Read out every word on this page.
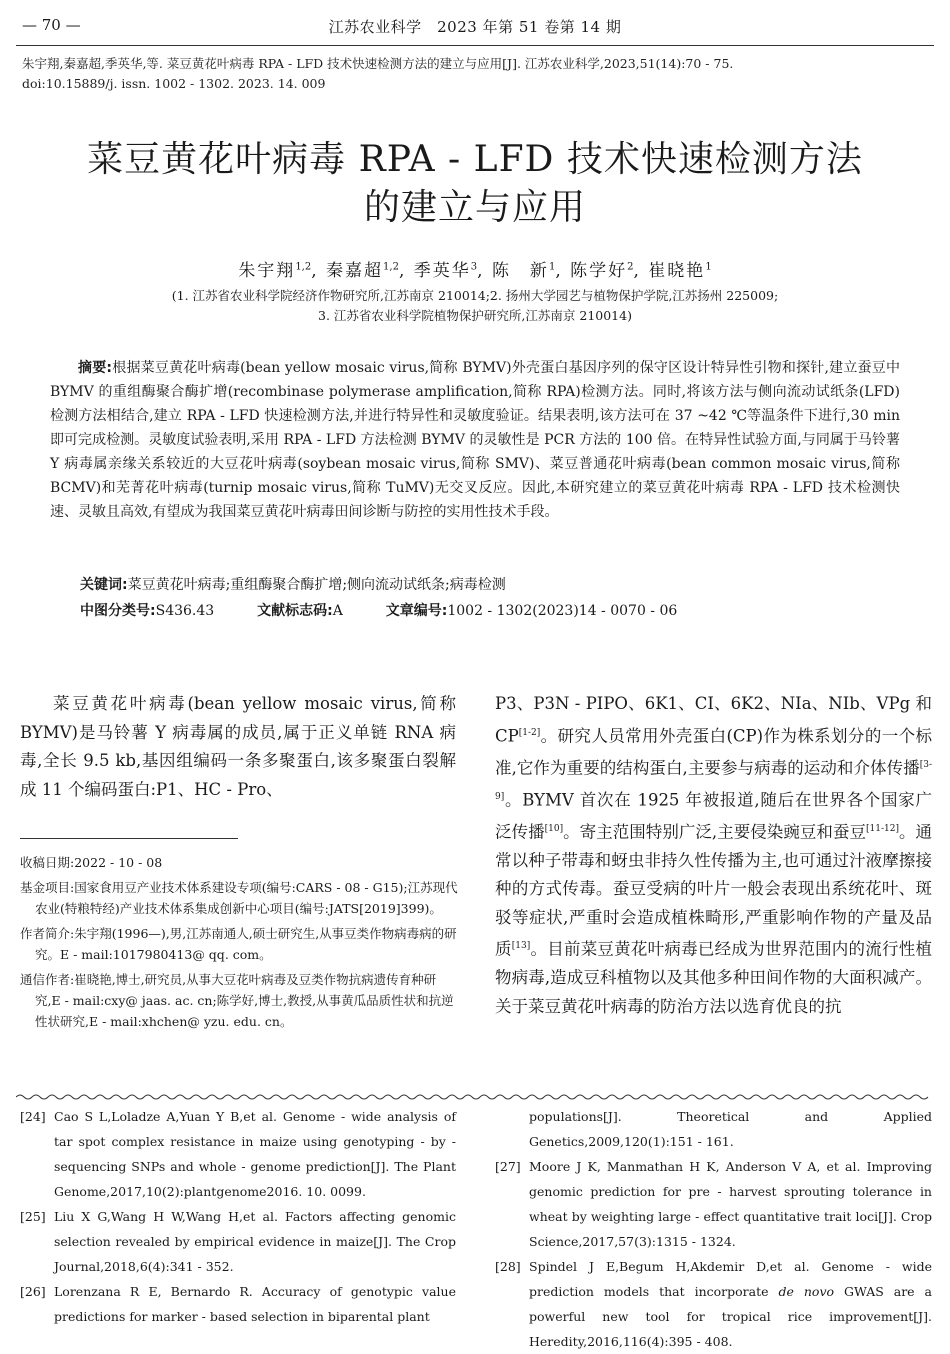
— 70 —	江苏农业科学　2023 年第 51 卷第 14 期
朱宇翔,秦嘉超,季英华,等. 菜豆黄花叶病毒 RPA - LFD 技术快速检测方法的建立与应用[J]. 江苏农业科学,2023,51(14):70 - 75.
doi:10.15889/j. issn. 1002 - 1302. 2023. 14. 009
菜豆黄花叶病毒 RPA - LFD 技术快速检测方法
的建立与应用
朱宇翔$^{1,2}$, 秦嘉超$^{1,2}$, 季英华$^3$, 陈　新$^1$, 陈学好$^2$, 崔晓艳$^1$
(1. 江苏省农业科学院经济作物研究所,江苏南京 210014;2. 扬州大学园艺与植物保护学院,江苏扬州 225009;
3. 江苏省农业科学院植物保护研究所,江苏南京 210014)
摘要:根据菜豆黄花叶病毒(bean yellow mosaic virus,简称 BYMV)外壳蛋白基因序列的保守区设计特异性引物和探针,建立蚕豆中 BYMV 的重组酶聚合酶扩增(recombinase polymerase amplification,简称 RPA)检测方法。同时,将该方法与侧向流动试纸条(LFD)检测方法相结合,建立 RPA - LFD 快速检测方法,并进行特异性和灵敏度验证。结果表明,该方法可在 37 ~42 ℃等温条件下进行,30 min 即可完成检测。灵敏度试验表明,采用 RPA - LFD 方法检测 BYMV 的灵敏性是 PCR 方法的 100 倍。在特异性试验方面,与同属于马铃薯 Y 病毒属亲缘关系较近的大豆花叶病毒(soybean mosaic virus,简称 SMV)、菜豆普通花叶病毒(bean common mosaic virus,简称 BCMV)和芜菁花叶病毒(turnip mosaic virus,简称 TuMV)无交叉反应。因此,本研究建立的菜豆黄花叶病毒 RPA - LFD 技术检测快速、灵敏且高效,有望成为我国菜豆黄花叶病毒田间诊断与防控的实用性技术手段。
关键词:菜豆黄花叶病毒;重组酶聚合酶扩增;侧向流动试纸条;病毒检测
中图分类号:S436.43	文献标志码:A	文章编号:1002 - 1302(2023)14 - 0070 - 06
菜豆黄花叶病毒(bean yellow mosaic virus,简称 BYMV)是马铃薯 Y 病毒属的成员,属于正义单链 RNA 病毒,全长 9.5 kb,基因组编码一条多聚蛋白,该多聚蛋白裂解成 11 个编码蛋白:P1、HC - Pro、

收稿日期:2022 - 10 - 08

基金项目:国家食用豆产业技术体系建设专项(编号:CARS - 08 - G15);江苏现代农业(特粮特经)产业技术体系集成创新中心项目(编号:JATS[2019]399)。

作者简介:朱宇翔(1996—),男,江苏南通人,硕士研究生,从事豆类作物病毒病的研究。E - mail:1017980413@ qq. com。

通信作者:崔晓艳,博士,研究员,从事大豆花叶病毒及豆类作物抗病遗传育种研究,E - mail:cxy@ jaas. ac. cn;陈学好,博士,教授,从事黄瓜品质性状和抗逆性状研究,E - mail:xhchen@ yzu. edu. cn。

P3、P3N - PIPO、6K1、CI、6K2、NIa、NIb、VPg 和 CP[1-2]。研究人员常用外壳蛋白(CP)作为株系划分的一个标准,它作为重要的结构蛋白,主要参与病毒的运动和介体传播[3-9]。BYMV 首次在 1925 年被报道,随后在世界各个国家广泛传播[10]。寄主范围特别广泛,主要侵染豌豆和蚕豆[11-12]。通常以种子带毒和蚜虫非持久性传播为主,也可通过汁液摩擦接种的方式传毒。蚕豆受病的叶片一般会表现出系统花叶、斑驳等症状,严重时会造成植株畸形,严重影响作物的产量及品质[13]。目前菜豆黄花叶病毒已经成为世界范围内的流行性植物病毒,造成豆科植物以及其他多种田间作物的大面积减产。关于菜豆黄花叶病毒的防治方法以选育优良的抗
[24] Cao S L,Loladze A,Yuan Y B,et al. Genome - wide analysis of tar spot complex resistance in maize using genotyping - by - sequencing SNPs and whole - genome prediction[J]. The Plant Genome,2017,10(2):plantgenome2016. 10. 0099.
[25] Liu X G,Wang H W,Wang H,et al. Factors affecting genomic selection revealed by empirical evidence in maize[J]. The Crop Journal,2018,6(4):341 - 352.
[26] Lorenzana R E, Bernardo R. Accuracy of genotypic value predictions for marker - based selection in biparental plant
populations[J]. Theoretical and Applied Genetics,2009,120(1):151 - 161.
[27] Moore J K, Manmathan H K, Anderson V A, et al. Improving genomic prediction for pre - harvest sprouting tolerance in wheat by weighting large - effect quantitative trait loci[J]. Crop Science,2017,57(3):1315 - 1324.
[28] Spindel J E,Begum H,Akdemir D,et al. Genome - wide prediction models that incorporate de novo GWAS are a powerful new tool for tropical rice improvement[J]. Heredity,2016,116(4):395 - 408.
